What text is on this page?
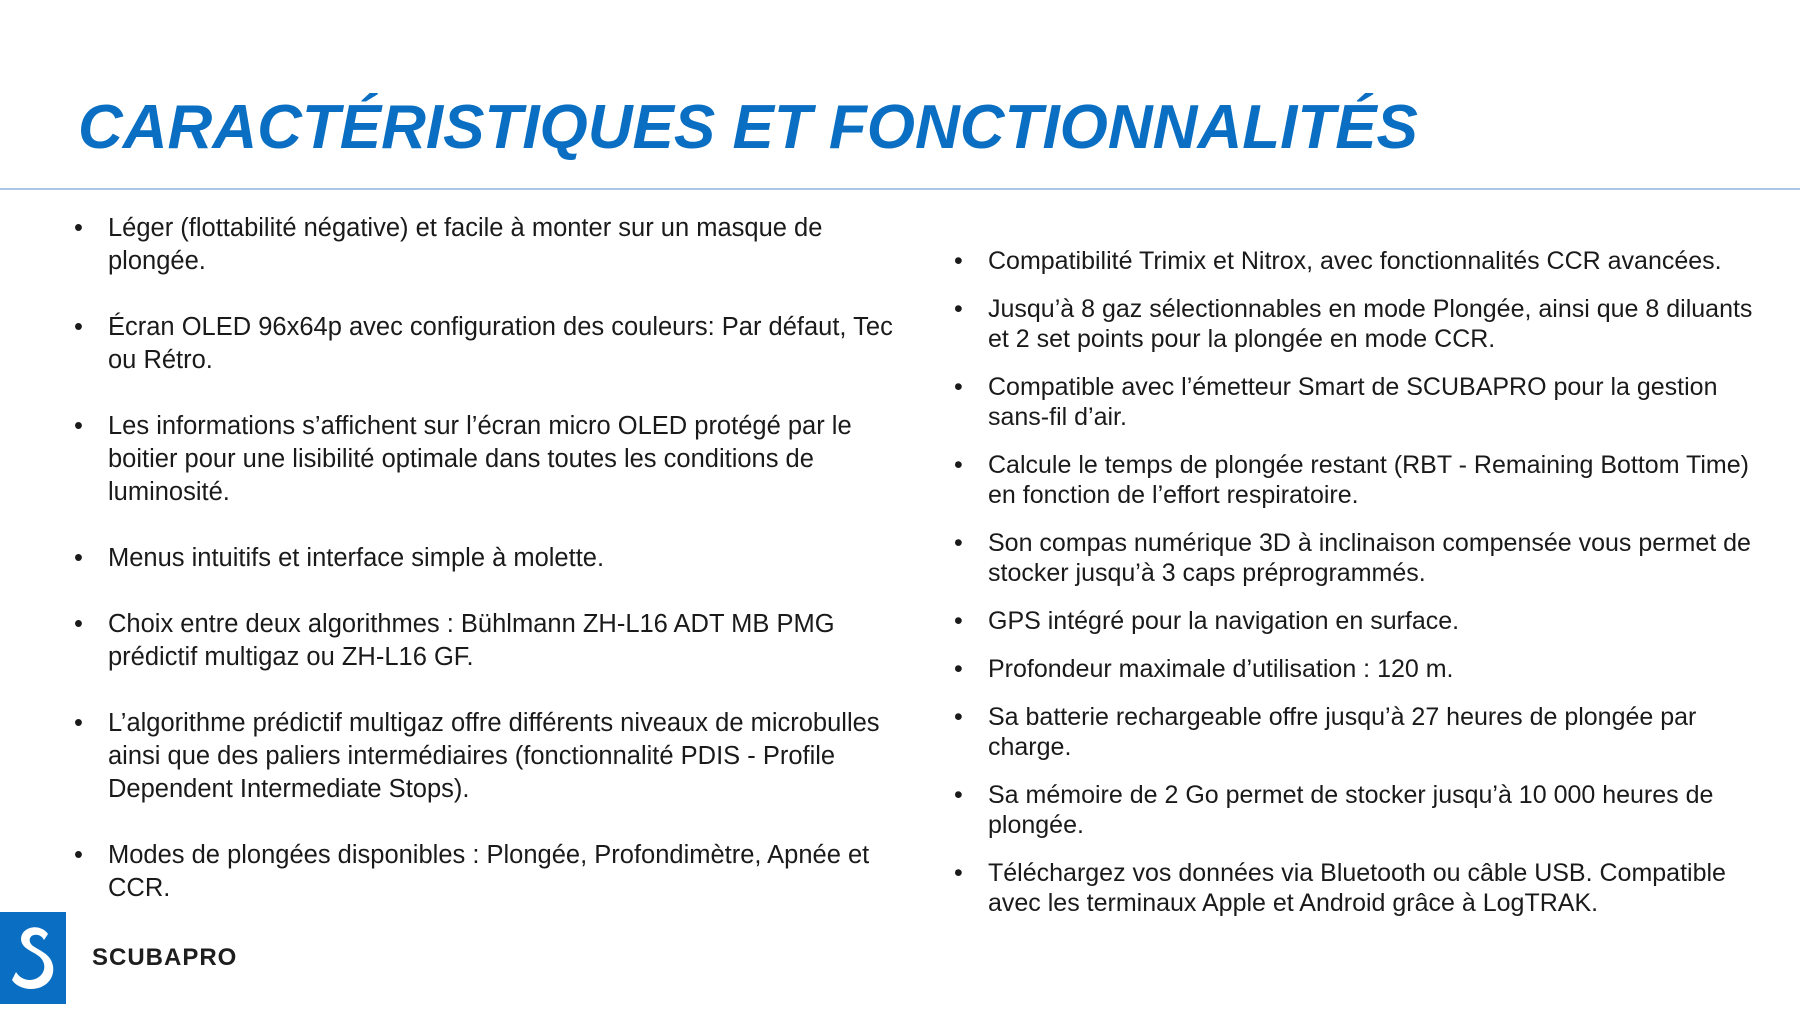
CARACTÉRISTIQUES ET FONCTIONNALITÉS
• Léger (flottabilité négative) et facile à monter sur un masque de plongée.
• Écran OLED 96x64p avec configuration des couleurs: Par défaut, Tec ou Rétro.
• Les informations s’affichent sur l’écran micro OLED protégé par le boitier pour une lisibilité optimale dans toutes les conditions de luminosité.
• Menus intuitifs et interface simple à molette.
• Choix entre deux algorithmes : Bühlmann ZH-L16 ADT MB PMG prédictif multigaz ou ZH-L16 GF.
• L’algorithme prédictif multigaz offre différents niveaux de microbulles ainsi que des paliers intermédiaires (fonctionnalité PDIS - Profile Dependent Intermediate Stops).
• Modes de plongées disponibles : Plongée, Profondimètre, Apnée et CCR.
• Compatibilité Trimix et Nitrox, avec fonctionnalités CCR avancées.
• Jusqu’à 8 gaz sélectionnables en mode Plongée, ainsi que 8 diluants et 2 set points pour la plongée en mode CCR.
• Compatible avec l’émetteur Smart de SCUBAPRO pour la gestion sans-fil d’air.
• Calcule le temps de plongée restant (RBT - Remaining Bottom Time) en fonction de l’effort respiratoire.
• Son compas numérique 3D à inclinaison compensée vous permet de stocker jusqu’à 3 caps préprogrammés.
• GPS intégré pour la navigation en surface.
• Profondeur maximale d’utilisation : 120 m.
• Sa batterie rechargeable offre jusqu’à 27 heures de plongée par charge.
• Sa mémoire de 2 Go permet de stocker jusqu’à 10 000 heures de plongée.
• Téléchargez vos données via Bluetooth ou câble USB. Compatible avec les terminaux Apple et Android grâce à LogTRAK.
SCUBAPRO
